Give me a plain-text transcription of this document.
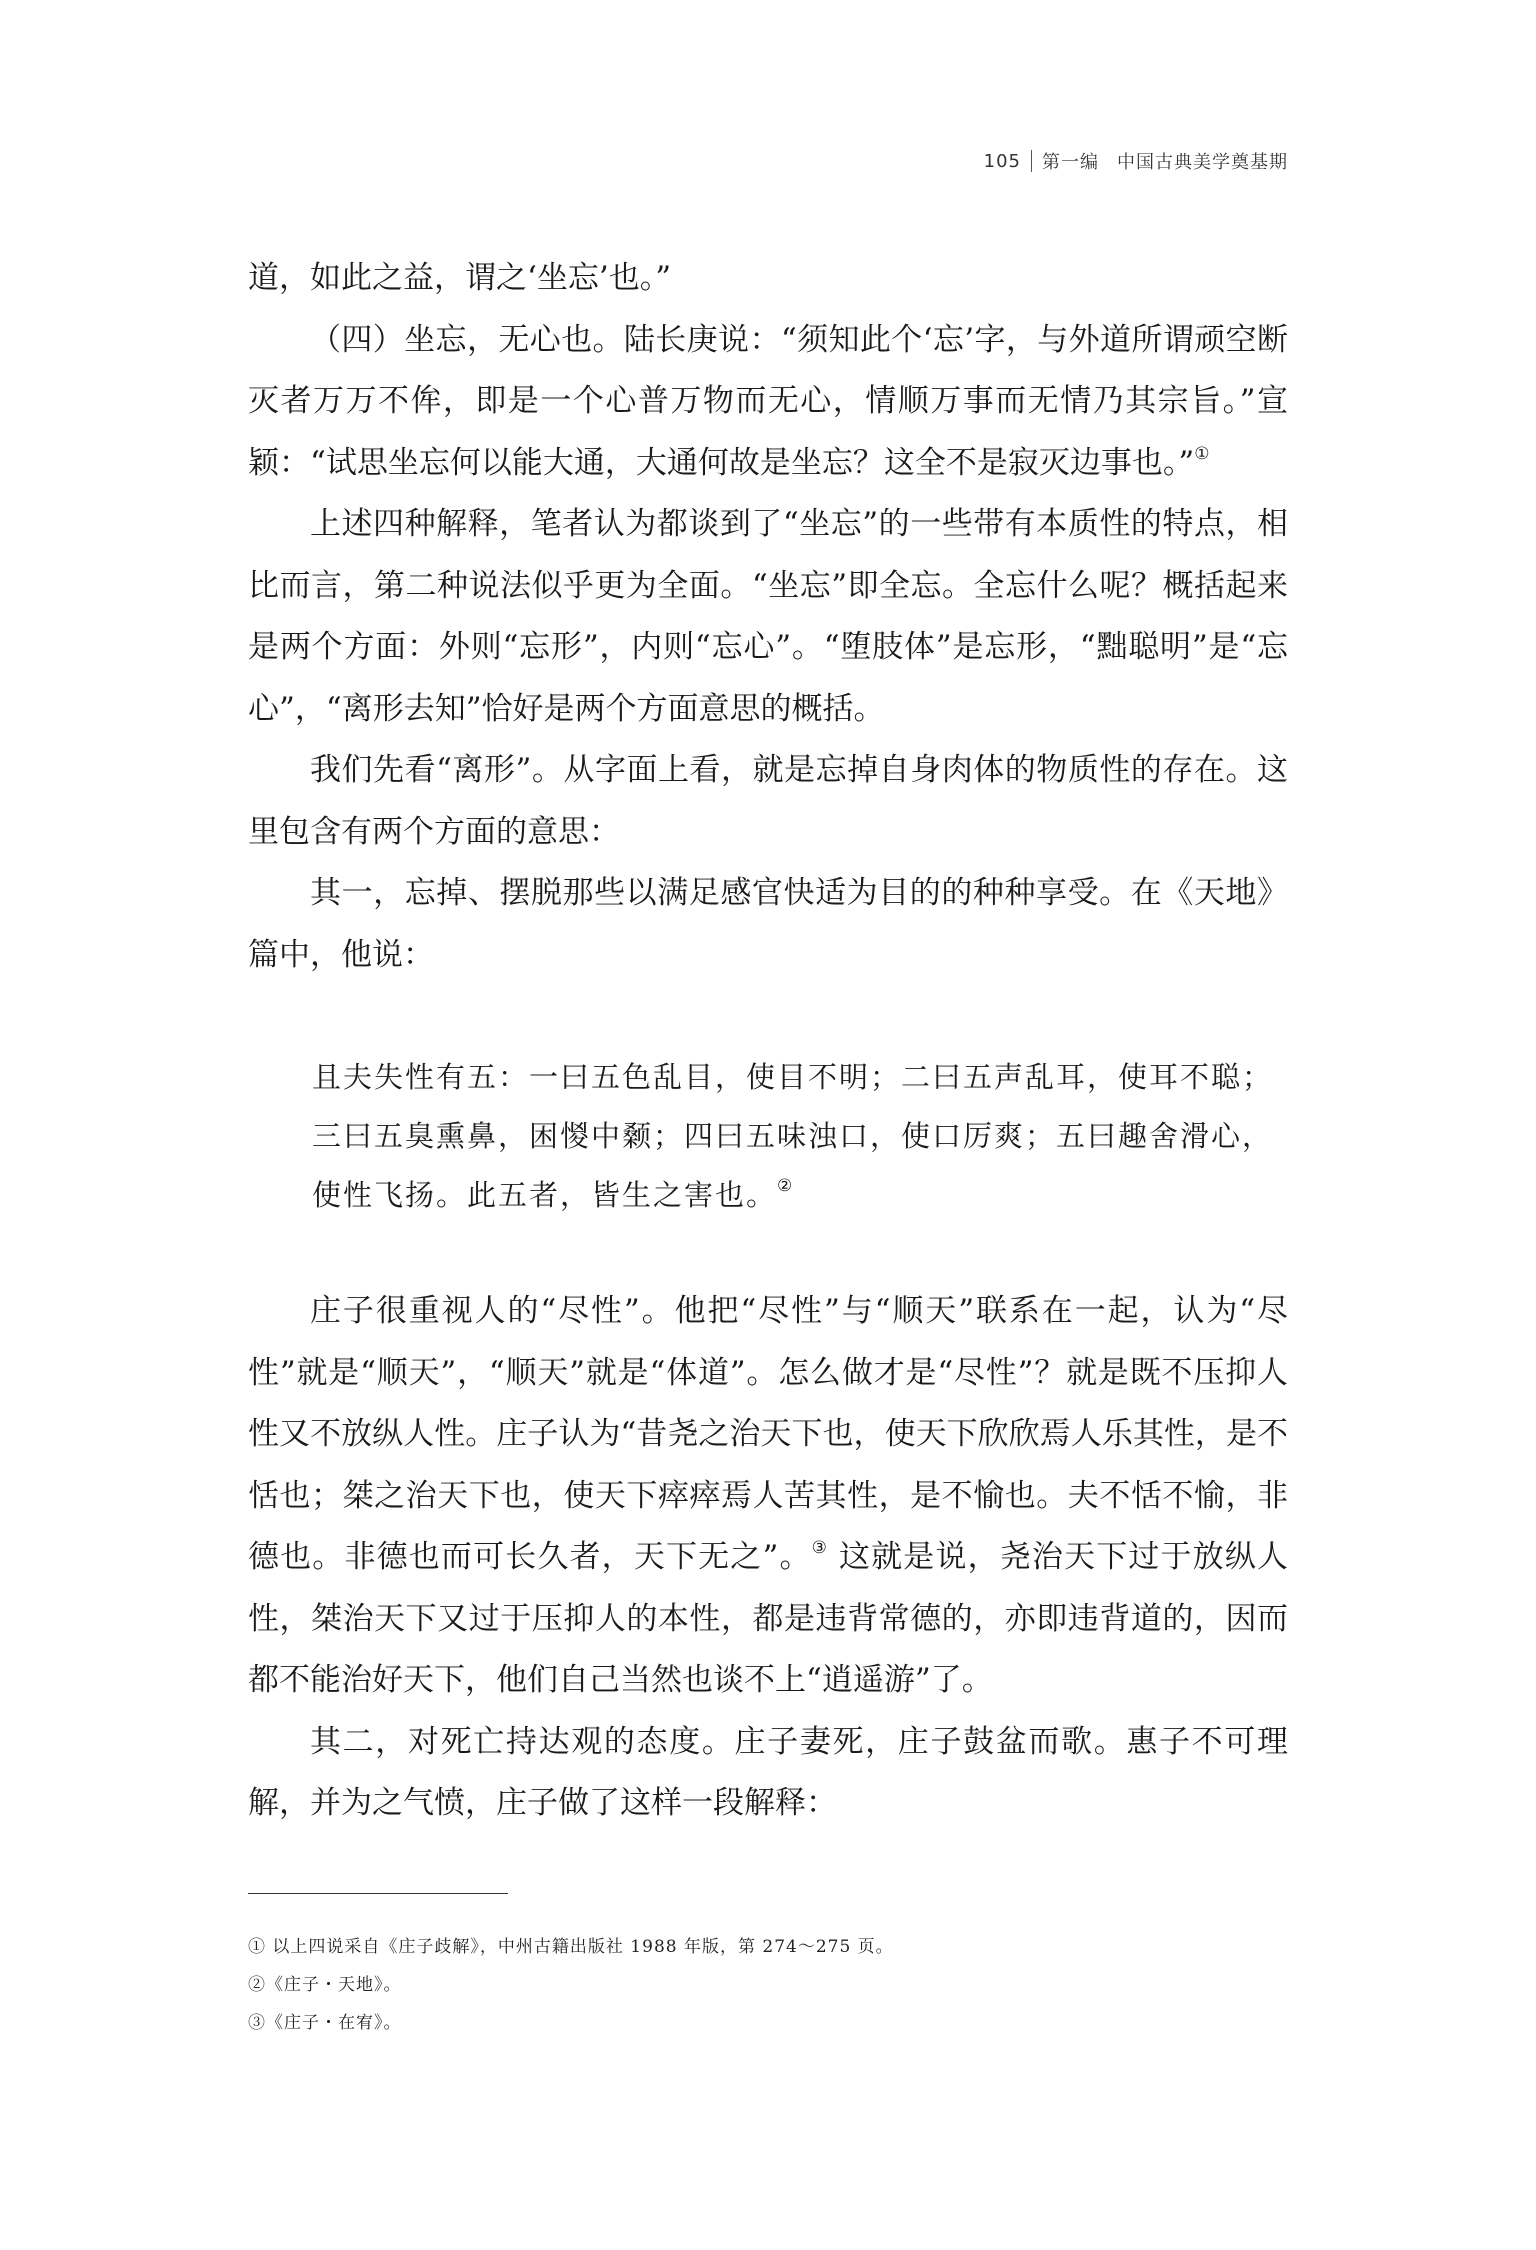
105 第一编 中国古典美学奠基期

道，如此之益，谓之‘坐忘’也。”

（四）坐忘，无心也。陆长庚说：“须知此个‘忘’字，与外道所谓顽空断灭者万万不侔，即是一个心普万物而无心，情顺万事而无情乃其宗旨。”宣颖：“试思坐忘何以能大通，大通何故是坐忘？这全不是寂灭边事也。”①

上述四种解释，笔者认为都谈到了“坐忘”的一些带有本质性的特点，相比而言，第二种说法似乎更为全面。“坐忘”即全忘。全忘什么呢？概括起来是两个方面：外则“忘形”，内则“忘心”。“堕肢体”是忘形，“黜聪明”是“忘心”，“离形去知”恰好是两个方面意思的概括。

我们先看“离形”。从字面上看，就是忘掉自身肉体的物质性的存在。这里包含有两个方面的意思：

其一，忘掉、摆脱那些以满足感官快适为目的的种种享受。在《天地》篇中，他说：

且夫失性有五：一曰五色乱目，使目不明；二曰五声乱耳，使耳不聪；三曰五臭熏鼻，困惾中颡；四曰五味浊口，使口厉爽；五曰趣舍滑心，使性飞扬。此五者，皆生之害也。②

庄子很重视人的“尽性”。他把“尽性”与“顺天”联系在一起，认为“尽性”就是“顺天”，“顺天”就是“体道”。怎么做才是“尽性”？就是既不压抑人性又不放纵人性。庄子认为“昔尧之治天下也，使天下欣欣焉人乐其性，是不恬也；桀之治天下也，使天下瘁瘁焉人苦其性，是不愉也。夫不恬不愉，非德也。非德也而可长久者，天下无之”。③ 这就是说，尧治天下过于放纵人性，桀治天下又过于压抑人的本性，都是违背常德的，亦即违背道的，因而都不能治好天下，他们自己当然也谈不上“逍遥游”了。

其二，对死亡持达观的态度。庄子妻死，庄子鼓盆而歌。惠子不可理解，并为之气愤，庄子做了这样一段解释：

① 以上四说采自《庄子歧解》，中州古籍出版社 1988 年版，第 274～275 页。
②《庄子・天地》。
③《庄子・在宥》。
